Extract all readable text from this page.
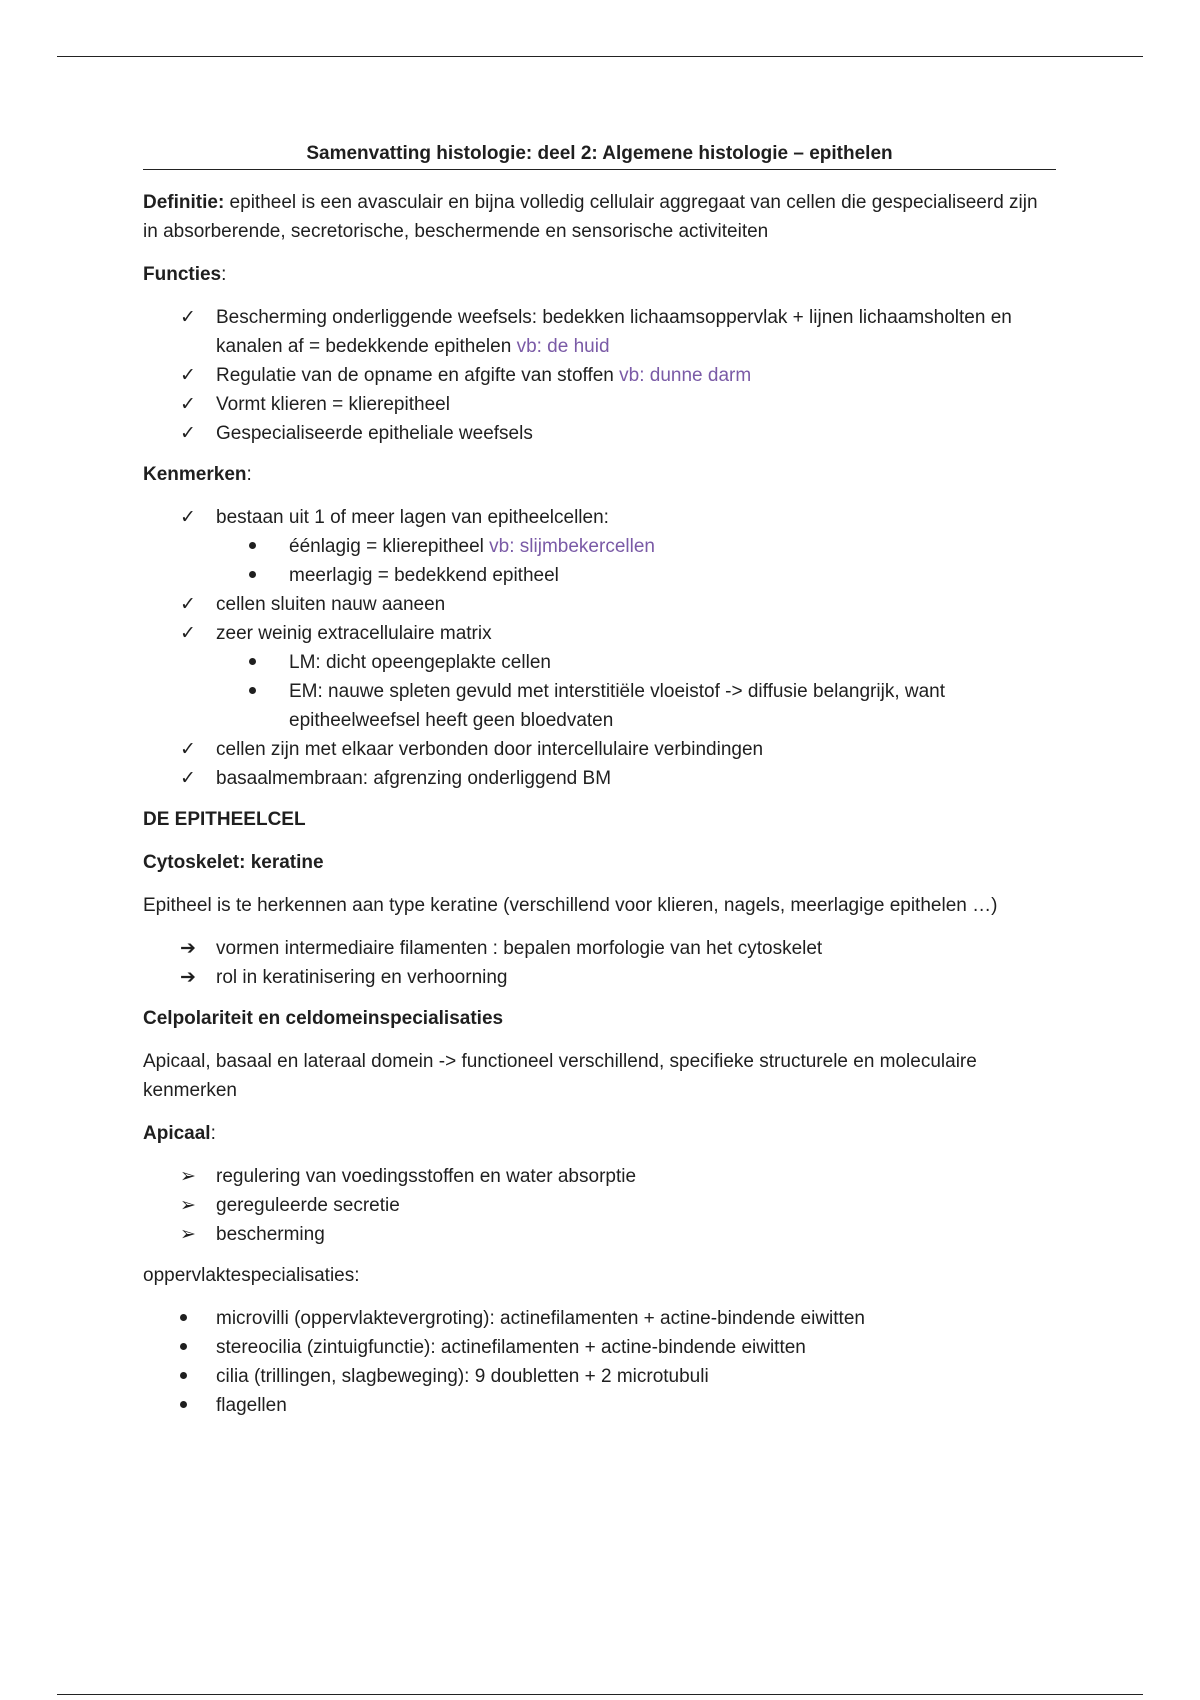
Samenvatting histologie: deel 2: Algemene histologie – epithelen

Definitie: epitheel is een avasculair en bijna volledig cellulair aggregaat van cellen die gespecialiseerd zijn in absorberende, secretorische, beschermende en sensorische activiteiten

Functies:

✓	Bescherming onderliggende weefsels: bedekken lichaamsoppervlak + lijnen lichaamsholten en kanalen af = bedekkende epithelen vb: de huid
✓	Regulatie van de opname en afgifte van stoffen vb: dunne darm
✓	Vormt klieren = klierepitheel
✓	Gespecialiseerde epitheliale weefsels

Kenmerken:

✓	bestaan uit 1 of meer lagen van epitheelcellen:
éénlagig = klierepitheel vb: slijmbekercellen
meerlagig = bedekkend epitheel
✓	cellen sluiten nauw aaneen
✓	zeer weinig extracellulaire matrix
LM: dicht opeengeplakte cellen
EM: nauwe spleten gevuld met interstitiële vloeistof -> diffusie belangrijk, want epitheelweefsel heeft geen bloedvaten
✓	cellen zijn met elkaar verbonden door intercellulaire verbindingen
✓	basaalmembraan: afgrenzing onderliggend BM

DE EPITHEELCEL

Cytoskelet: keratine

Epitheel is te herkennen aan type keratine (verschillend voor klieren, nagels, meerlagige epithelen …)

➔	vormen intermediaire filamenten : bepalen morfologie van het cytoskelet
➔	rol in keratinisering en verhoorning

Celpolariteit en celdomeinspecialisaties

Apicaal, basaal en lateraal domein -> functioneel verschillend, specifieke structurele en moleculaire kenmerken

Apicaal:

➢	regulering van voedingsstoffen en water absorptie
➢	gereguleerde secretie
➢	bescherming

oppervlaktespecialisaties:

microvilli (oppervlaktevergroting): actinefilamenten + actine-bindende eiwitten
stereocilia (zintuigfunctie): actinefilamenten + actine-bindende eiwitten
cilia (trillingen, slagbeweging): 9 doubletten + 2 microtubuli
flagellen
